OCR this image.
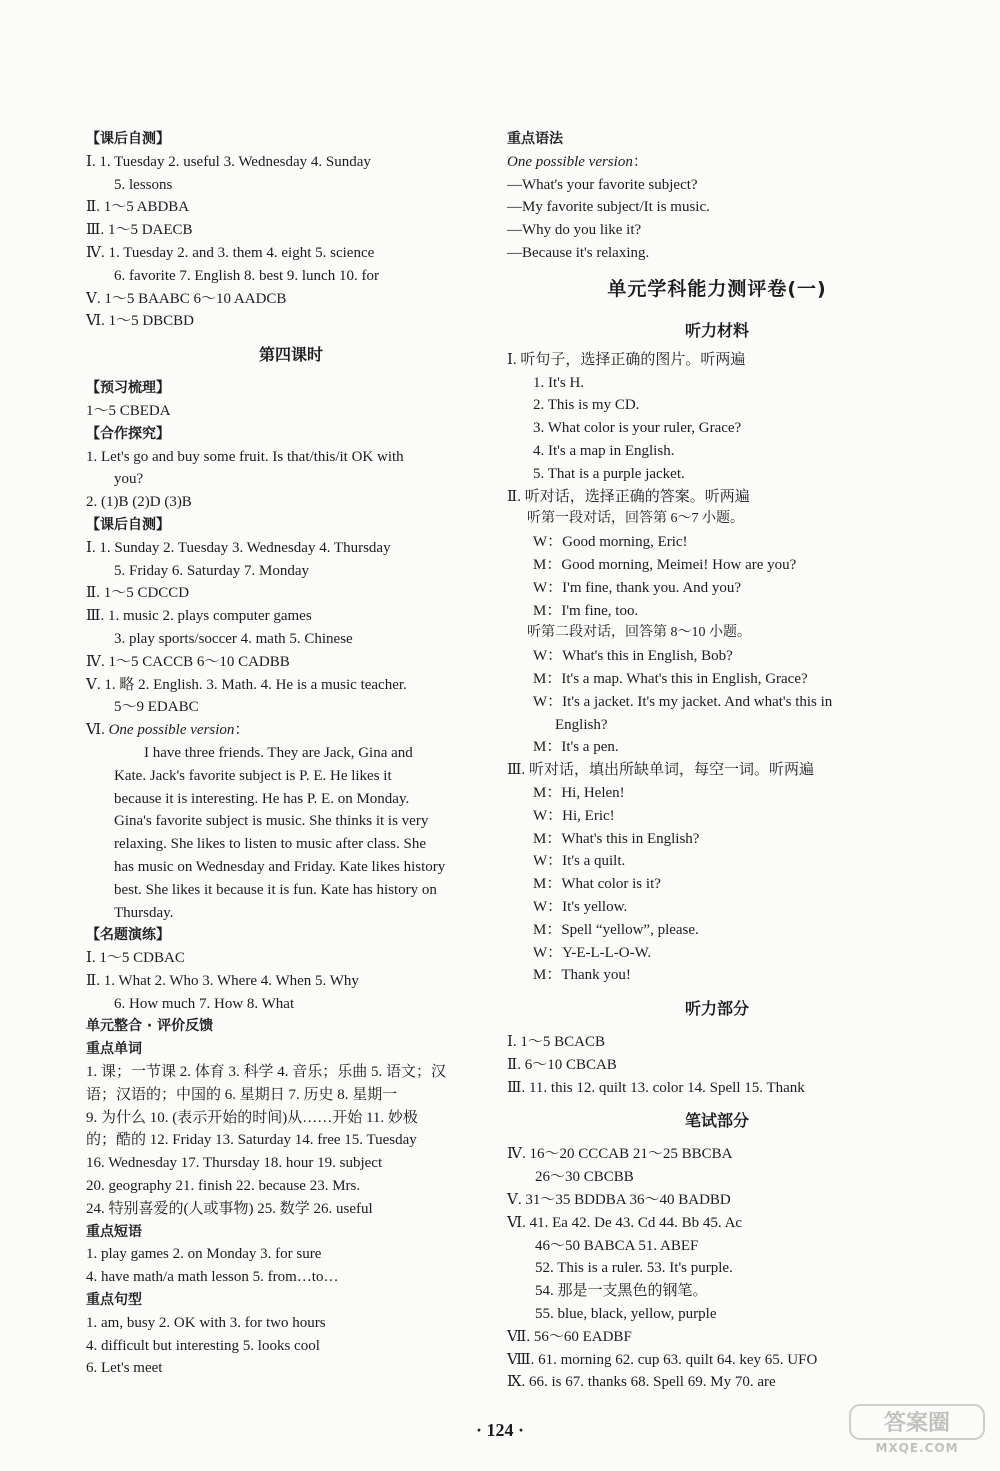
【课后自测】
Ⅰ. 1. Tuesday 2. useful 3. Wednesday 4. Sunday
5. lessons
Ⅱ. 1～5 ABDBA
Ⅲ. 1～5 DAECB
Ⅳ. 1. Tuesday 2. and 3. them 4. eight 5. science
6. favorite 7. English 8. best 9. lunch 10. for
Ⅴ. 1～5 BAABC 6～10 AADCB
Ⅵ. 1～5 DBCBD
第四课时
【预习梳理】
1～5 CBEDA
【合作探究】
1. Let's go and buy some fruit. Is that/this/it OK with
you?
2. (1)B (2)D (3)B
【课后自测】
Ⅰ. 1. Sunday 2. Tuesday 3. Wednesday 4. Thursday
5. Friday 6. Saturday 7. Monday
Ⅱ. 1～5 CDCCD
Ⅲ. 1. music 2. plays computer games
3. play sports/soccer 4. math 5. Chinese
Ⅳ. 1～5 CACCB 6～10 CADBB
Ⅴ. 1. 略 2. English. 3. Math. 4. He is a music teacher.
5～9 EDABC
Ⅵ. One possible version：
I have three friends. They are Jack, Gina and
Kate. Jack's favorite subject is P. E. He likes it
because it is interesting. He has P. E. on Monday.
Gina's favorite subject is music. She thinks it is very
relaxing. She likes to listen to music after class. She
has music on Wednesday and Friday. Kate likes history
best. She likes it because it is fun. Kate has history on
Thursday.
【名题演练】
Ⅰ. 1～5 CDBAC
Ⅱ. 1. What 2. Who 3. Where 4. When 5. Why
6. How much 7. How 8. What
单元整合 · 评价反馈
重点单词
1. 课；一节课 2. 体育 3. 科学 4. 音乐；乐曲 5. 语文；汉
语；汉语的；中国的 6. 星期日 7. 历史 8. 星期一
9. 为什么 10. (表示开始的时间)从……开始 11. 妙极
的；酷的 12. Friday 13. Saturday 14. free 15. Tuesday
16. Wednesday 17. Thursday 18. hour 19. subject
20. geography 21. finish 22. because 23. Mrs.
24. 特别喜爱的(人或事物) 25. 数学 26. useful
重点短语
1. play games 2. on Monday 3. for sure
4. have math/a math lesson 5. from…to…
重点句型
1. am, busy 2. OK with 3. for two hours
4. difficult but interesting 5. looks cool
6. Let's meet
重点语法
One possible version：
—What's your favorite subject?
—My favorite subject/It is music.
—Why do you like it?
—Because it's relaxing.
单元学科能力测评卷(一)
听力材料
Ⅰ. 听句子，选择正确的图片。听两遍
1. It's H.
2. This is my CD.
3. What color is your ruler, Grace?
4. It's a map in English.
5. That is a purple jacket.
Ⅱ. 听对话，选择正确的答案。听两遍
听第一段对话，回答第 6～7 小题。
W：Good morning, Eric!
M：Good morning, Meimei! How are you?
W：I'm fine, thank you. And you?
M：I'm fine, too.
听第二段对话，回答第 8～10 小题。
W：What's this in English, Bob?
M：It's a map. What's this in English, Grace?
W：It's a jacket. It's my jacket. And what's this in
English?
M：It's a pen.
Ⅲ. 听对话，填出所缺单词，每空一词。听两遍
M：Hi, Helen!
W：Hi, Eric!
M：What's this in English?
W：It's a quilt.
M：What color is it?
W：It's yellow.
M：Spell “yellow”, please.
W：Y-E-L-L-O-W.
M：Thank you!
听力部分
Ⅰ. 1～5 BCACB
Ⅱ. 6～10 CBCAB
Ⅲ. 11. this 12. quilt 13. color 14. Spell 15. Thank
笔试部分
Ⅳ. 16～20 CCCAB 21～25 BBCBA
26～30 CBCBB
Ⅴ. 31～35 BDDBA 36～40 BADBD
Ⅵ. 41. Ea 42. De 43. Cd 44. Bb 45. Ac
46～50 BABCA 51. ABEF
52. This is a ruler. 53. It's purple.
54. 那是一支黑色的钢笔。
55. blue, black, yellow, purple
Ⅶ. 56～60 EADBF
Ⅷ. 61. morning 62. cup 63. quilt 64. key 65. UFO
Ⅸ. 66. is 67. thanks 68. Spell 69. My 70. are
· 124 ·	答案圈
MXQE.COM
